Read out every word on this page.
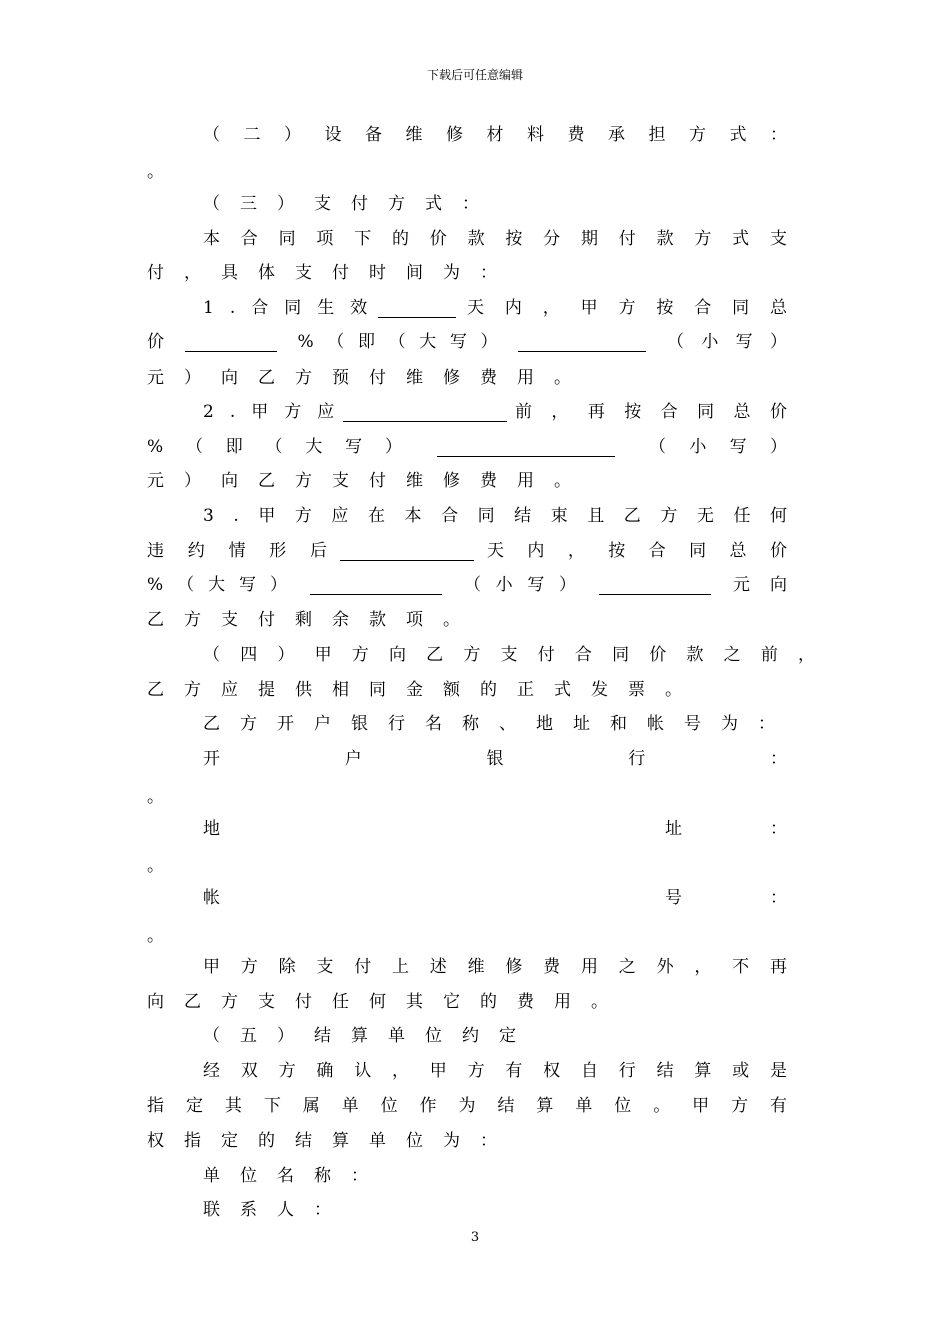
下载后可任意编辑
（ 二 ） 设 备 维 修 材 料 费 承 担 方 式 ：
。
（ 三 ） 支 付 方 式 ：
本 合 同 项 下 的 价 款 按 分 期 付 款 方 式 支
付 ， 具 体 支 付 时 间 为 ：
1 . 合 同 生 效	天 内 ， 甲 方 按 合 同 总
价	% （ 即 （ 大 写 ）	（ 小 写 ）
元 ） 向 乙 方 预 付 维 修 费 用 。
2 . 甲 方 应	前 ， 再 按 合 同 总 价
% （ 即 （ 大 写 ）	（ 小 写 ）
元 ） 向 乙 方 支 付 维 修 费 用 。
3 . 甲 方 应 在 本 合 同 结 束 且 乙 方 无 任 何
违 约 情 形 后	天 内 ， 按 合 同 总 价
% （ 大 写 ）	（ 小 写 ）	元 向
乙 方 支 付 剩 余 款 项 。
（ 四 ） 甲 方 向 乙 方 支 付 合 同 价 款 之 前 ，
乙 方 应 提 供 相 同 金 额 的 正 式 发 票 。
乙 方 开 户 银 行 名 称 、 地 址 和 帐 号 为 ：
开	户	银	行	：
。
地	址	：
。
帐	号	：
。
甲 方 除 支 付 上 述 维 修 费 用 之 外 ， 不 再
向 乙 方 支 付 任 何 其 它 的 费 用 。
（ 五 ） 结 算 单 位 约 定
经 双 方 确 认 ， 甲 方 有 权 自 行 结 算 或 是
指 定 其 下 属 单 位 作 为 结 算 单 位 。 甲 方 有
权 指 定 的 结 算 单 位 为 ：
单 位 名 称 ：
联 系 人 ：
3
